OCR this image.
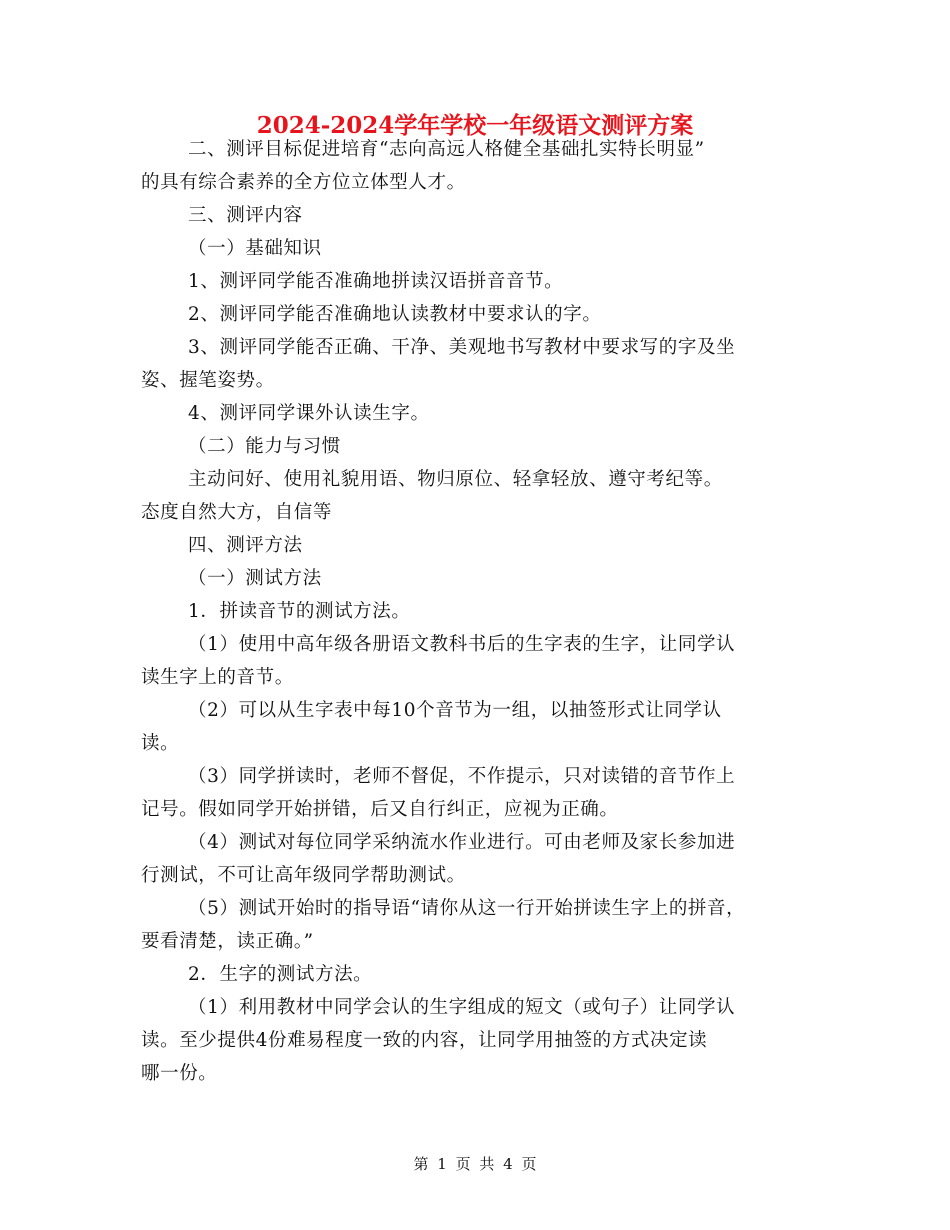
2024-2024学年学校一年级语文测评方案
二、测评目标促进培育“志向高远人格健全基础扎实特长明显”
的具有综合素养的全方位立体型人才。
三、测评内容
（一）基础知识
1、测评同学能否准确地拼读汉语拼音音节。
2、测评同学能否准确地认读教材中要求认的字。
3、测评同学能否正确、干净、美观地书写教材中要求写的字及坐
姿、握笔姿势。
4、测评同学课外认读生字。
（二）能力与习惯
主动问好、使用礼貌用语、物归原位、轻拿轻放、遵守考纪等。
态度自然大方，自信等
四、测评方法
（一）测试方法
1．拼读音节的测试方法。
（1）使用中高年级各册语文教科书后的生字表的生字，让同学认
读生字上的音节。
（2）可以从生字表中每10个音节为一组，以抽签形式让同学认
读。
（3）同学拼读时，老师不督促，不作提示，只对读错的音节作上
记号。假如同学开始拼错，后又自行纠正，应视为正确。
（4）测试对每位同学采纳流水作业进行。可由老师及家长参加进
行测试，不可让高年级同学帮助测试。
（5）测试开始时的指导语“请你从这一行开始拼读生字上的拼音，
要看清楚，读正确。”
2．生字的测试方法。
（1）利用教材中同学会认的生字组成的短文（或句子）让同学认
读。至少提供4份难易程度一致的内容，让同学用抽签的方式决定读
哪一份。
第 1 页 共 4 页
